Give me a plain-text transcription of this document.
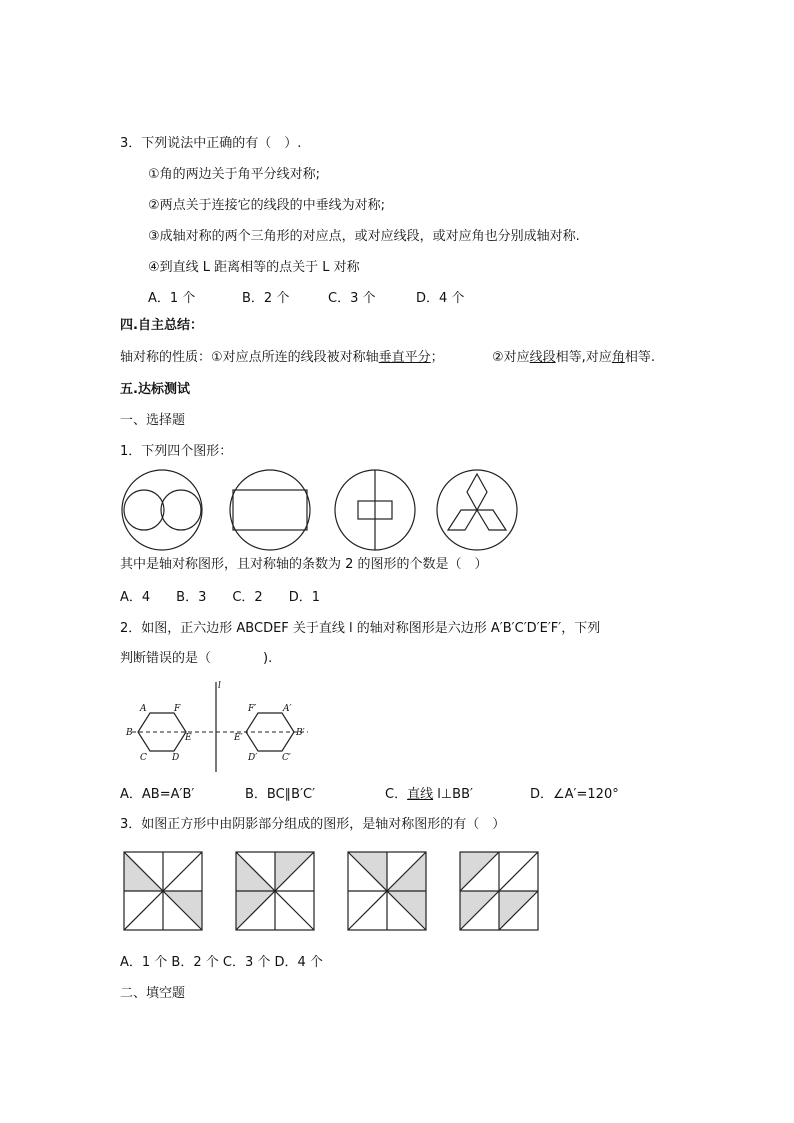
3．下列说法中正确的有（　）.
①角的两边关于角平分线对称;
②两点关于连接它的线段的中垂线为对称;
③成轴对称的两个三角形的对应点，或对应线段，或对应角也分别成轴对称.
④到直线 L 距离相等的点关于 L 对称
A．1 个	B．2 个	C．3 个	D．4 个
四.自主总结：
轴对称的性质：①对应点所连的线段被对称轴垂直平分；	②对应线段相等,对应角相等.
五.达标测试
一、选择题
1．下列四个图形：
其中是轴对称图形，且对称轴的条数为 2 的图形的个数是（　）
A．4　　B．3　　C．2　　D．1
2．如图，正六边形 ABCDEF 关于直线 l 的轴对称图形是六边形 A′B′C′D′E′F′，下列
判断错误的是（　　　　).
l
A	F
B	E
C	D
F′	A′
E′	B′
D′	C′
A．AB=A′B′	B．BC∥B′C′	C．直线 l⊥BB′	D．∠A′=120°
3．如图正方形中由阴影部分组成的图形，是轴对称图形的有（　）
A．1 个 B．2 个 C．3 个 D．4 个
二、填空题
